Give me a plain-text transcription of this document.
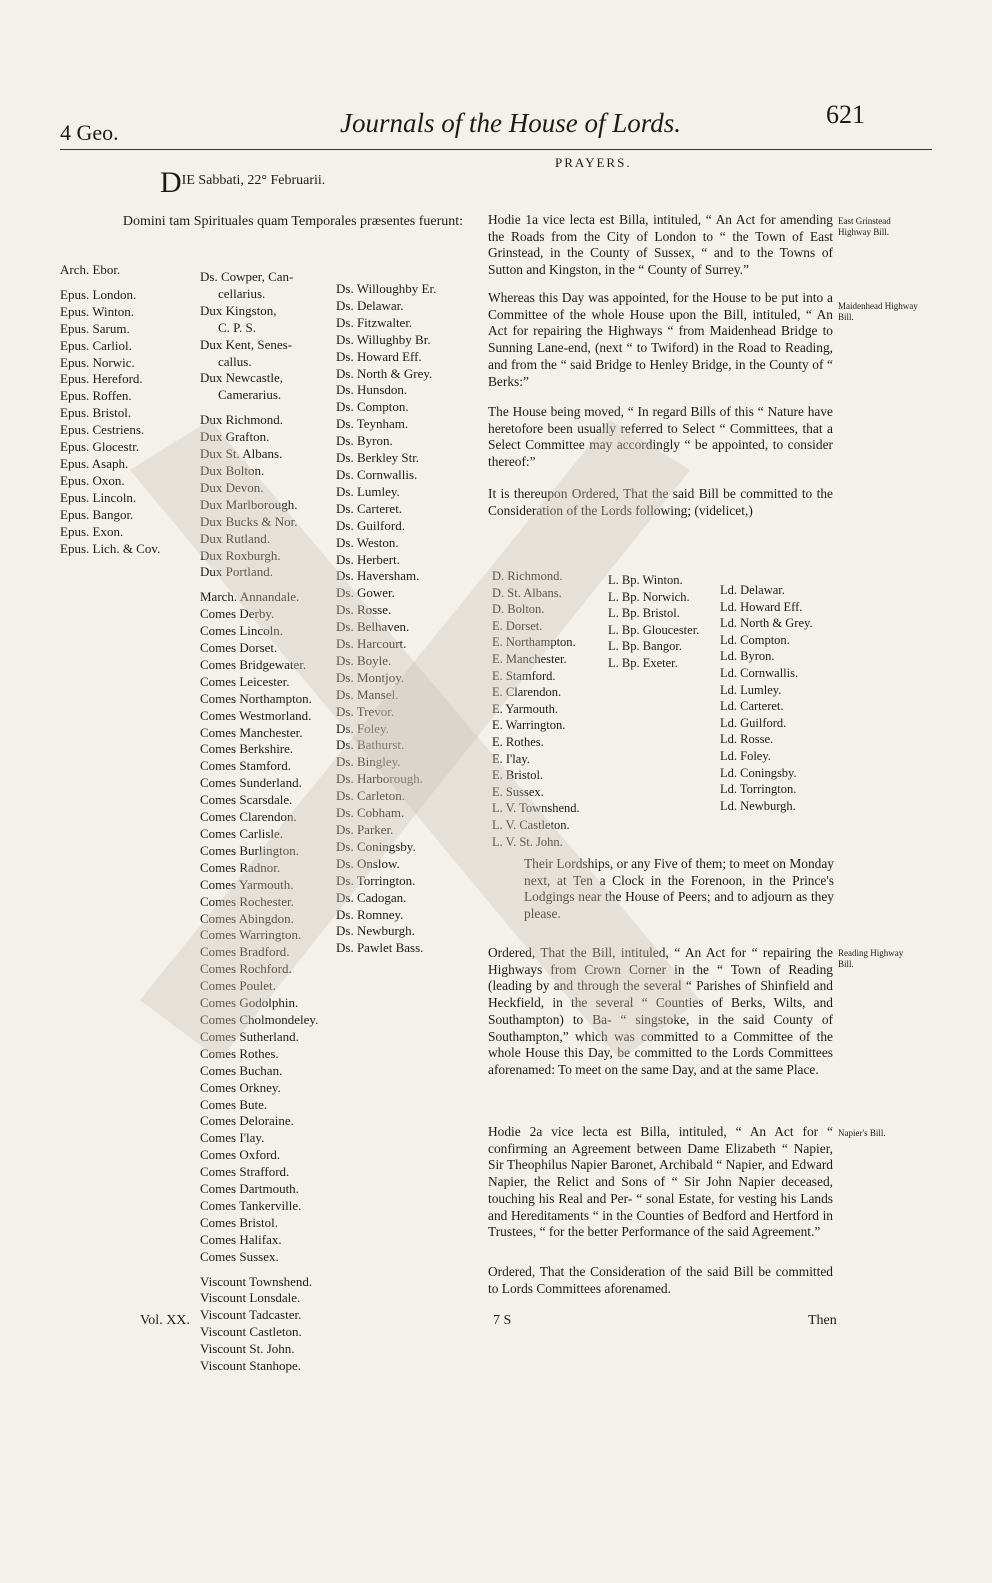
4 Geo.	Journals of the House of Lords.	621
PRAYERS.
DIE Sabbati, 22° Februarii.
Domini tam Spirituales quam Temporales præsentes fuerunt:
Arch. Ebor.
Epus. London.
Epus. Winton.
Epus. Sarum.
Epus. Carliol.
Epus. Norwic.
Epus. Hereford.
Epus. Roffen.
Epus. Bristol.
Epus. Cestriens.
Epus. Glocestr.
Epus. Asaph.
Epus. Oxon.
Epus. Lincoln.
Epus. Bangor.
Epus. Exon.
Epus. Lich. & Cov.
Ds. Cowper, Can-
cellarius.
Dux Kingston,
C. P. S.
Dux Kent, Senes-
callus.
Dux Newcastle,
Camerarius.
Dux Richmond.
Dux Grafton.
Dux St. Albans.
Dux Bolton.
Dux Devon.
Dux Marlborough.
Dux Bucks & Nor.
Dux Rutland.
Dux Roxburgh.
Dux Portland.
March. Annandale.
Comes Derby.
Comes Lincoln.
Comes Dorset.
Comes Bridgewater.
Comes Leicester.
Comes Northampton.
Comes Westmorland.
Comes Manchester.
Comes Berkshire.
Comes Stamford.
Comes Sunderland.
Comes Scarsdale.
Comes Clarendon.
Comes Carlisle.
Comes Burlington.
Comes Radnor.
Comes Yarmouth.
Comes Rochester.
Comes Abingdon.
Comes Warrington.
Comes Bradford.
Comes Rochford.
Comes Poulet.
Comes Godolphin.
Comes Cholmondeley.
Comes Sutherland.
Comes Rothes.
Comes Buchan.
Comes Orkney.
Comes Bute.
Comes Deloraine.
Comes I'lay.
Comes Oxford.
Comes Strafford.
Comes Dartmouth.
Comes Tankerville.
Comes Bristol.
Comes Halifax.
Comes Sussex.
Viscount Townshend.
Viscount Lonsdale.
Viscount Tadcaster.
Viscount Castleton.
Viscount St. John.
Viscount Stanhope.
Ds. Willoughby Er.
Ds. Delawar.
Ds. Fitzwalter.
Ds. Willughby Br.
Ds. Howard Eff.
Ds. North & Grey.
Ds. Hunsdon.
Ds. Compton.
Ds. Teynham.
Ds. Byron.
Ds. Berkley Str.
Ds. Cornwallis.
Ds. Lumley.
Ds. Carteret.
Ds. Guilford.
Ds. Weston.
Ds. Herbert.
Ds. Haversham.
Ds. Gower.
Ds. Rosse.
Ds. Belhaven.
Ds. Harcourt.
Ds. Boyle.
Ds. Montjoy.
Ds. Mansel.
Ds. Trevor.
Ds. Foley.
Ds. Bathurst.
Ds. Bingley.
Ds. Harborough.
Ds. Carleton.
Ds. Cobham.
Ds. Parker.
Ds. Coningsby.
Ds. Onslow.
Ds. Torrington.
Ds. Cadogan.
Ds. Romney.
Ds. Newburgh.
Ds. Pawlet Bass.

Hodie 1a vice lecta est Billa, intituled, “ An Act for amending the Roads from the City of London to “ the Town of East Grinstead, in the County of Sussex, “ and to the Towns of Sutton and Kingston, in the “ County of Surrey.”

East Grinstead Highway Bill.

Whereas this Day was appointed, for the House to be put into a Committee of the whole House upon the Bill, intituled, “ An Act for repairing the Highways “ from Maidenhead Bridge to Sunning Lane-end, (next “ to Twiford) in the Road to Reading, and from the “ said Bridge to Henley Bridge, in the County of “ Berks:”

Maidenhead Highway Bill.

The House being moved, “ In regard Bills of this “ Nature have heretofore been usually referred to Select “ Committees, that a Select Committee may accordingly “ be appointed, to consider thereof:”

It is thereupon Ordered, That the said Bill be committed to the Consideration of the Lords following; (videlicet,)

D. Richmond.
D. St. Albans.
D. Bolton.
E. Dorset.
E. Northampton.
E. Manchester.
E. Stamford.
E. Clarendon.
E. Yarmouth.
E. Warrington.
E. Rothes.
E. I'lay.
E. Bristol.
E. Sussex.
L. V. Townshend.
L. V. Castleton.
L. V. St. John.
L. Bp. Winton.
L. Bp. Norwich.
L. Bp. Bristol.
L. Bp. Gloucester.
L. Bp. Bangor.
L. Bp. Exeter.
Ld. Delawar.
Ld. Howard Eff.
Ld. North & Grey.
Ld. Compton.
Ld. Byron.
Ld. Cornwallis.
Ld. Lumley.
Ld. Carteret.
Ld. Guilford.
Ld. Rosse.
Ld. Foley.
Ld. Coningsby.
Ld. Torrington.
Ld. Newburgh.

Their Lordships, or any Five of them; to meet on Monday next, at Ten a Clock in the Forenoon, in the Prince's Lodgings near the House of Peers; and to adjourn as they please.

Ordered, That the Bill, intituled, “ An Act for “ repairing the Highways from Crown Corner in the “ Town of Reading (leading by and through the several “ Parishes of Shinfield and Heckfield, in the several “ Counties of Berks, Wilts, and Southampton) to Ba- “ singstoke, in the said County of Southampton,” which was committed to a Committee of the whole House this Day, be committed to the Lords Committees aforenamed: To meet on the same Day, and at the same Place.

Reading Highway Bill.

Hodie 2a vice lecta est Billa, intituled, “ An Act for “ confirming an Agreement between Dame Elizabeth “ Napier, Sir Theophilus Napier Baronet, Archibald “ Napier, and Edward Napier, the Relict and Sons of “ Sir John Napier deceased, touching his Real and Per- “ sonal Estate, for vesting his Lands and Hereditaments “ in the Counties of Bedford and Hertford in Trustees, “ for the better Performance of the said Agreement.”

Napier's Bill.

Ordered, That the Consideration of the said Bill be committed to Lords Committees aforenamed.

Vol. XX.	7 S	Then
